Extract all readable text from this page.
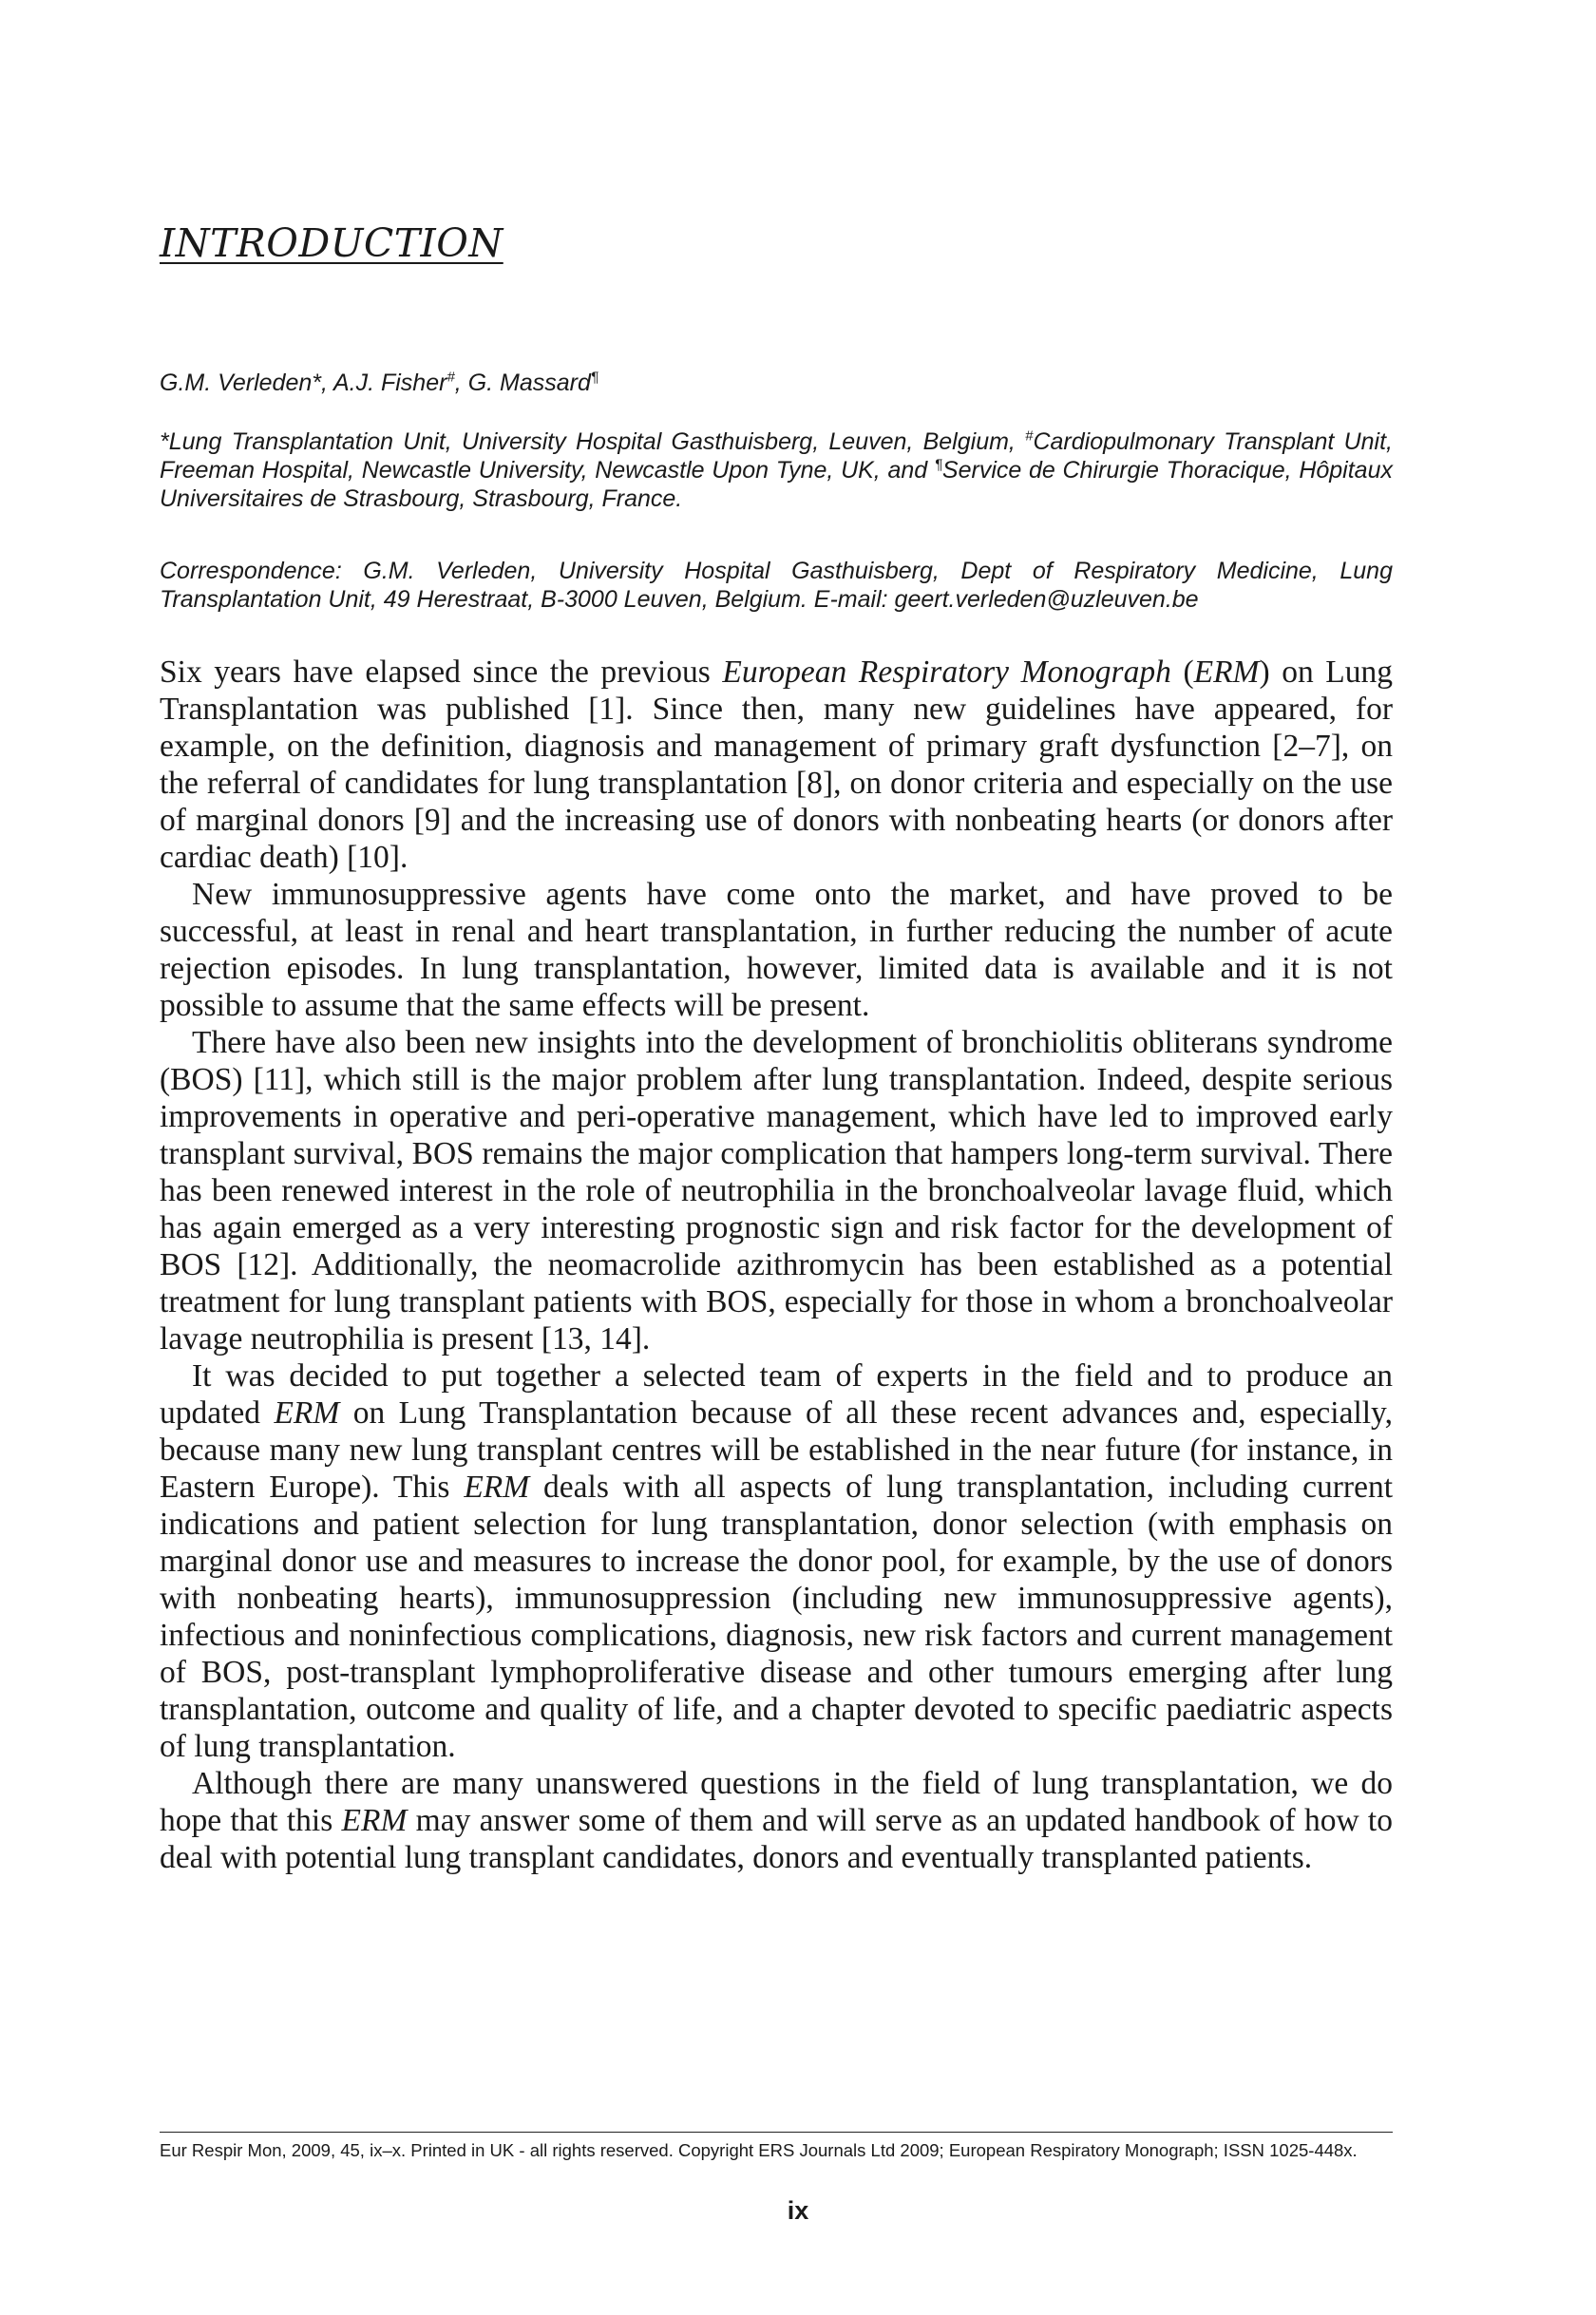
INTRODUCTION
G.M. Verleden*, A.J. Fisher#, G. Massard¶
*Lung Transplantation Unit, University Hospital Gasthuisberg, Leuven, Belgium, #Cardiopulmonary Transplant Unit, Freeman Hospital, Newcastle University, Newcastle Upon Tyne, UK, and ¶Service de Chirurgie Thoracique, Hôpitaux Universitaires de Strasbourg, Strasbourg, France.
Correspondence: G.M. Verleden, University Hospital Gasthuisberg, Dept of Respiratory Medicine, Lung Transplantation Unit, 49 Herestraat, B-3000 Leuven, Belgium. E-mail: geert.verleden@uzleuven.be

Six years have elapsed since the previous European Respiratory Monograph (ERM) on Lung Transplantation was published [1]. Since then, many new guidelines have appeared, for example, on the definition, diagnosis and management of primary graft dysfunction [2–7], on the referral of candidates for lung transplantation [8], on donor criteria and especially on the use of marginal donors [9] and the increasing use of donors with nonbeating hearts (or donors after cardiac death) [10].

New immunosuppressive agents have come onto the market, and have proved to be successful, at least in renal and heart transplantation, in further reducing the number of acute rejection episodes. In lung transplantation, however, limited data is available and it is not possible to assume that the same effects will be present.

There have also been new insights into the development of bronchiolitis obliterans syndrome (BOS) [11], which still is the major problem after lung transplantation. Indeed, despite serious improvements in operative and peri-operative management, which have led to improved early transplant survival, BOS remains the major complication that hampers long-term survival. There has been renewed interest in the role of neutrophilia in the bronchoalveolar lavage fluid, which has again emerged as a very interesting prognostic sign and risk factor for the development of BOS [12]. Additionally, the neomacrolide azithromycin has been established as a potential treatment for lung transplant patients with BOS, especially for those in whom a bronchoalveolar lavage neutrophilia is present [13, 14].

It was decided to put together a selected team of experts in the field and to produce an updated ERM on Lung Transplantation because of all these recent advances and, especially, because many new lung transplant centres will be established in the near future (for instance, in Eastern Europe). This ERM deals with all aspects of lung transplantation, including current indications and patient selection for lung transplantation, donor selection (with emphasis on marginal donor use and measures to increase the donor pool, for example, by the use of donors with nonbeating hearts), immunosuppression (including new immunosuppressive agents), infectious and noninfectious complications, diagnosis, new risk factors and current management of BOS, post-transplant lymphoproliferative disease and other tumours emerging after lung transplantation, outcome and quality of life, and a chapter devoted to specific paediatric aspects of lung transplantation.

Although there are many unanswered questions in the field of lung transplantation, we do hope that this ERM may answer some of them and will serve as an updated handbook of how to deal with potential lung transplant candidates, donors and eventually transplanted patients.

Eur Respir Mon, 2009, 45, ix–x. Printed in UK - all rights reserved. Copyright ERS Journals Ltd 2009; European Respiratory Monograph; ISSN 1025-448x.
ix
